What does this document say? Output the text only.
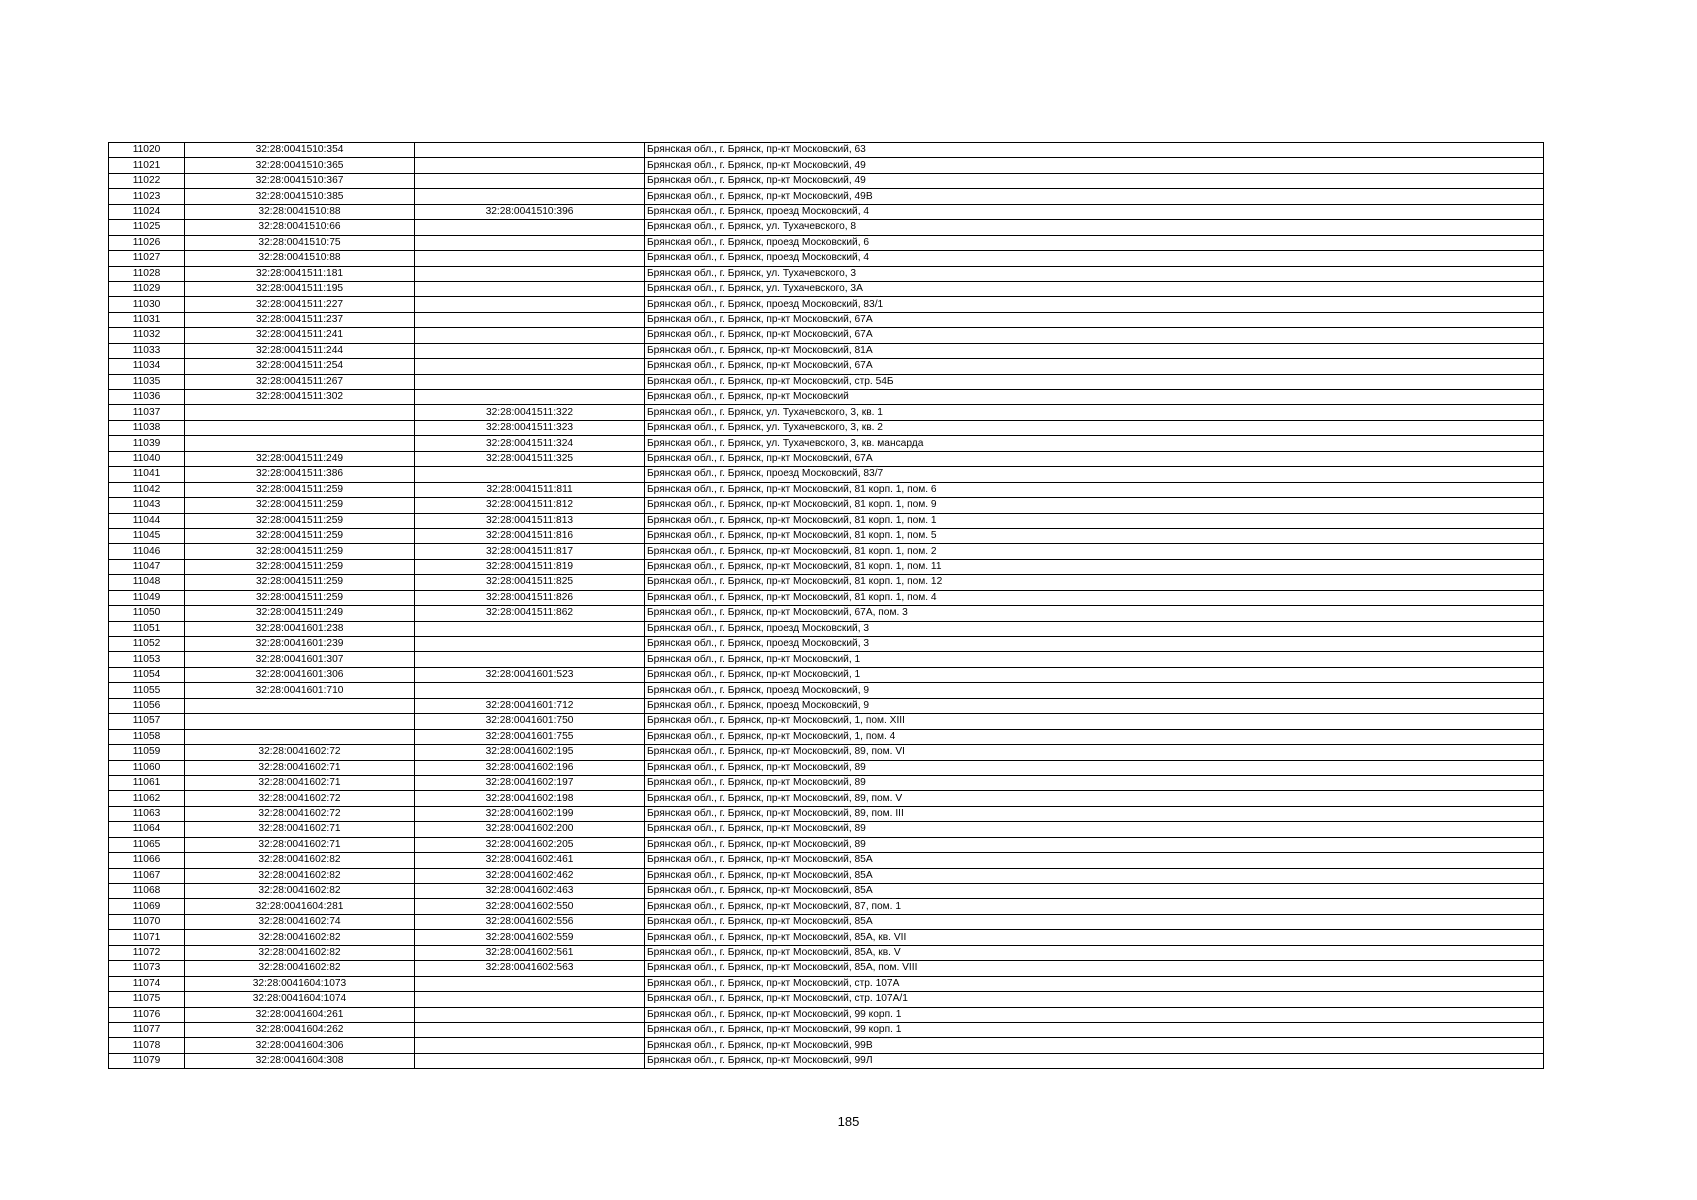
11020	32:28:0041510:354		Брянская обл., г. Брянск, пр-кт Московский, 63
11021	32:28:0041510:365		Брянская обл., г. Брянск, пр-кт Московский, 49
11022	32:28:0041510:367		Брянская обл., г. Брянск, пр-кт Московский, 49
11023	32:28:0041510:385		Брянская обл., г. Брянск, пр-кт Московский, 49В
11024	32:28:0041510:88	32:28:0041510:396	Брянская обл., г. Брянск, проезд Московский, 4
11025	32:28:0041510:66		Брянская обл., г. Брянск, ул. Тухачевского, 8
11026	32:28:0041510:75		Брянская обл., г. Брянск, проезд Московский, 6
11027	32:28:0041510:88		Брянская обл., г. Брянск, проезд Московский, 4
11028	32:28:0041511:181		Брянская обл., г. Брянск, ул. Тухачевского, 3
11029	32:28:0041511:195		Брянская обл., г. Брянск, ул. Тухачевского, 3А
11030	32:28:0041511:227		Брянская обл., г. Брянск, проезд Московский, 83/1
11031	32:28:0041511:237		Брянская обл., г. Брянск, пр-кт Московский, 67А
11032	32:28:0041511:241		Брянская обл., г. Брянск, пр-кт Московский, 67А
11033	32:28:0041511:244		Брянская обл., г. Брянск, пр-кт Московский, 81А
11034	32:28:0041511:254		Брянская обл., г. Брянск, пр-кт Московский, 67А
11035	32:28:0041511:267		Брянская обл., г. Брянск, пр-кт Московский, стр. 54Б
11036	32:28:0041511:302		Брянская обл., г. Брянск, пр-кт Московский
11037		32:28:0041511:322	Брянская обл., г. Брянск, ул. Тухачевского, 3, кв. 1
11038		32:28:0041511:323	Брянская обл., г. Брянск, ул. Тухачевского, 3, кв. 2
11039		32:28:0041511:324	Брянская обл., г. Брянск, ул. Тухачевского, 3, кв. мансарда
11040	32:28:0041511:249	32:28:0041511:325	Брянская обл., г. Брянск, пр-кт Московский, 67А
11041	32:28:0041511:386		Брянская обл., г. Брянск, проезд Московский, 83/7
11042	32:28:0041511:259	32:28:0041511:811	Брянская обл., г. Брянск, пр-кт Московский, 81 корп. 1, пом. 6
11043	32:28:0041511:259	32:28:0041511:812	Брянская обл., г. Брянск, пр-кт Московский, 81 корп. 1, пом. 9
11044	32:28:0041511:259	32:28:0041511:813	Брянская обл., г. Брянск, пр-кт Московский, 81 корп. 1, пом. 1
11045	32:28:0041511:259	32:28:0041511:816	Брянская обл., г. Брянск, пр-кт Московский, 81 корп. 1, пом. 5
11046	32:28:0041511:259	32:28:0041511:817	Брянская обл., г. Брянск, пр-кт Московский, 81 корп. 1, пом. 2
11047	32:28:0041511:259	32:28:0041511:819	Брянская обл., г. Брянск, пр-кт Московский, 81 корп. 1, пом. 11
11048	32:28:0041511:259	32:28:0041511:825	Брянская обл., г. Брянск, пр-кт Московский, 81 корп. 1, пом. 12
11049	32:28:0041511:259	32:28:0041511:826	Брянская обл., г. Брянск, пр-кт Московский, 81 корп. 1, пом. 4
11050	32:28:0041511:249	32:28:0041511:862	Брянская обл., г. Брянск, пр-кт Московский, 67А, пом. 3
11051	32:28:0041601:238		Брянская обл., г. Брянск, проезд Московский, 3
11052	32:28:0041601:239		Брянская обл., г. Брянск, проезд Московский, 3
11053	32:28:0041601:307		Брянская обл., г. Брянск, пр-кт Московский, 1
11054	32:28:0041601:306	32:28:0041601:523	Брянская обл., г. Брянск, пр-кт Московский, 1
11055	32:28:0041601:710		Брянская обл., г. Брянск, проезд Московский, 9
11056		32:28:0041601:712	Брянская обл., г. Брянск, проезд Московский, 9
11057		32:28:0041601:750	Брянская обл., г. Брянск, пр-кт Московский, 1, пом. XIII
11058		32:28:0041601:755	Брянская обл., г. Брянск, пр-кт Московский, 1, пом. 4
11059	32:28:0041602:72	32:28:0041602:195	Брянская обл., г. Брянск, пр-кт Московский, 89, пом. VI
11060	32:28:0041602:71	32:28:0041602:196	Брянская обл., г. Брянск, пр-кт Московский, 89
11061	32:28:0041602:71	32:28:0041602:197	Брянская обл., г. Брянск, пр-кт Московский, 89
11062	32:28:0041602:72	32:28:0041602:198	Брянская обл., г. Брянск, пр-кт Московский, 89, пом. V
11063	32:28:0041602:72	32:28:0041602:199	Брянская обл., г. Брянск, пр-кт Московский, 89, пом. III
11064	32:28:0041602:71	32:28:0041602:200	Брянская обл., г. Брянск, пр-кт Московский, 89
11065	32:28:0041602:71	32:28:0041602:205	Брянская обл., г. Брянск, пр-кт Московский, 89
11066	32:28:0041602:82	32:28:0041602:461	Брянская обл., г. Брянск, пр-кт Московский, 85А
11067	32:28:0041602:82	32:28:0041602:462	Брянская обл., г. Брянск, пр-кт Московский, 85А
11068	32:28:0041602:82	32:28:0041602:463	Брянская обл., г. Брянск, пр-кт Московский, 85А
11069	32:28:0041604:281	32:28:0041602:550	Брянская обл., г. Брянск, пр-кт Московский, 87, пом. 1
11070	32:28:0041602:74	32:28:0041602:556	Брянская обл., г. Брянск, пр-кт Московский, 85А
11071	32:28:0041602:82	32:28:0041602:559	Брянская обл., г. Брянск, пр-кт Московский, 85А, кв. VII
11072	32:28:0041602:82	32:28:0041602:561	Брянская обл., г. Брянск, пр-кт Московский, 85А, кв. V
11073	32:28:0041602:82	32:28:0041602:563	Брянская обл., г. Брянск, пр-кт Московский, 85А, пом. VIII
11074	32:28:0041604:1073		Брянская обл., г. Брянск, пр-кт Московский, стр. 107А
11075	32:28:0041604:1074		Брянская обл., г. Брянск, пр-кт Московский, стр. 107А/1
11076	32:28:0041604:261		Брянская обл., г. Брянск, пр-кт Московский, 99 корп. 1
11077	32:28:0041604:262		Брянская обл., г. Брянск, пр-кт Московский, 99 корп. 1
11078	32:28:0041604:306		Брянская обл., г. Брянск, пр-кт Московский, 99В
11079	32:28:0041604:308		Брянская обл., г. Брянск, пр-кт Московский, 99Л
185
